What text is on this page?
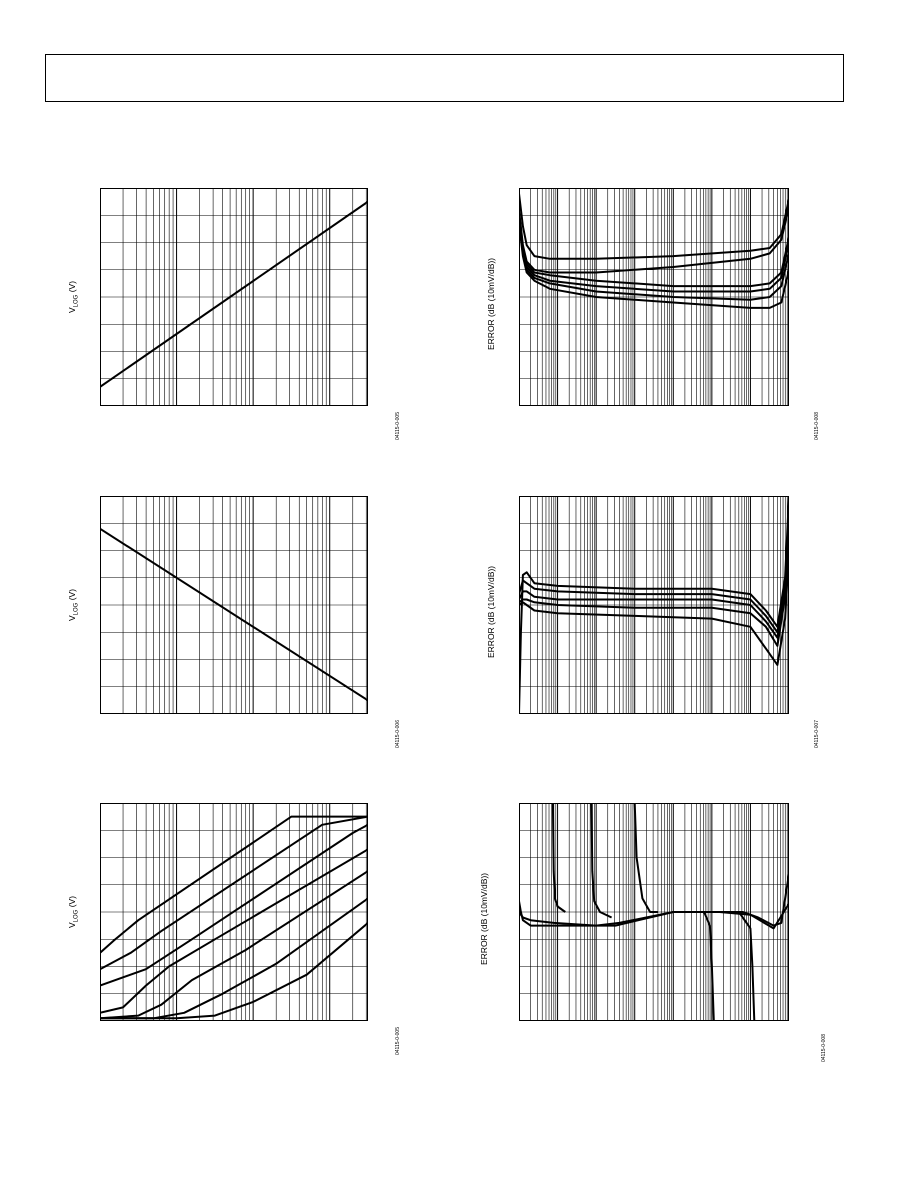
$V_{LOG}$ (V)	ERROR (dB (10mV/dB))
$V_{LOG}$ (V)	ERROR (dB (10mV/dB))
$V_{LOG}$ (V)	ERROR (dB (10mV/dB))
04115-0-005	04115-0-008
04115-0-006	04115-0-007
04115-0-005	04115-0-008
